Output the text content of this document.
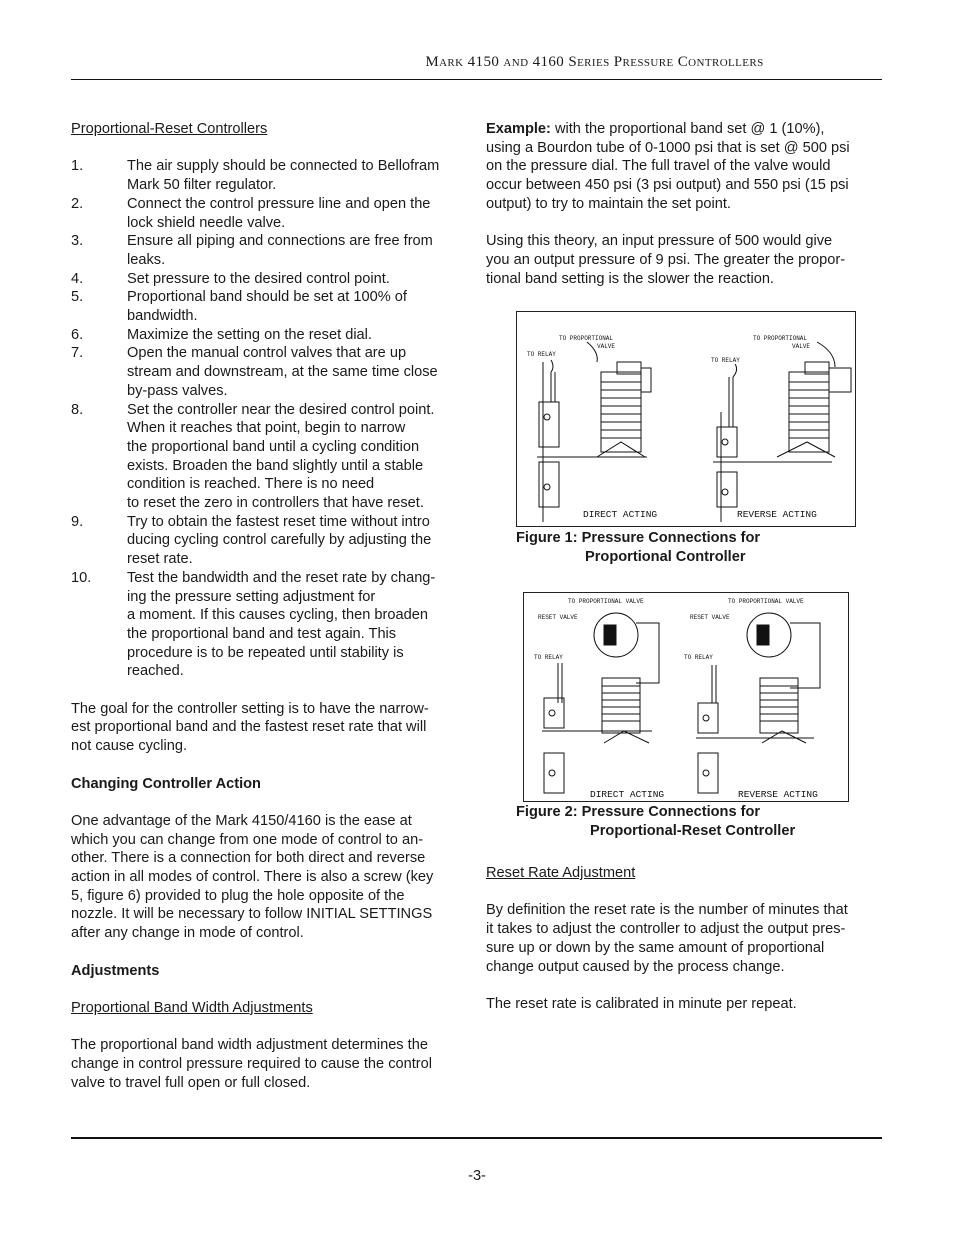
Mark 4150 and 4160 Series Pressure Controllers

Proportional-Reset Controllers

1.	The air supply should be connected to Bellofram
Mark 50 filter regulator.
2.	Connect the control pressure line and open the
lock shield needle valve.
3.	Ensure all piping and connections are free from
leaks.
4.	Set pressure to the desired control point.
5.	Proportional band should be set at 100% of
bandwidth.
6.	Maximize the setting on the reset dial.
7.	Open the manual control valves that are up
stream and downstream, at the same time close
by-pass valves.
8.	Set the controller near the desired control point.
When it reaches that point, begin to narrow
the proportional band until a cycling condition
exists. Broaden the band slightly until a stable
condition is reached. There is no need
to reset the zero in controllers that have reset.
9.	Try to obtain the fastest reset time without intro
ducing cycling control carefully by adjusting the
reset rate.
10.	Test the bandwidth and the reset rate by chang-
ing the pressure setting adjustment for
a moment. If this causes cycling, then broaden
the proportional band and test again. This
procedure is to be repeated until stability is
reached.

The goal for the controller setting is to have the narrow-

est proportional band and the fastest reset rate that will

not cause cycling.

Changing Controller Action

One advantage of the Mark 4150/4160 is the ease at

which you can change from one mode of control to an-

other. There is a connection for both direct and reverse

action in all modes of control. There is also a screw (key

5, figure 6) provided to plug the hole opposite of the

nozzle. It will be necessary to follow INITIAL SETTINGS

after any change in mode of control.

Adjustments

Proportional Band Width Adjustments

The proportional band width adjustment determines the

change in control pressure required to cause the control

valve to travel full open or full closed.

Example: with the proportional band set @ 1 (10%),

using a Bourdon tube of 0-1000 psi that is set @ 500 psi

on the pressure dial. The full travel of the valve would

occur between 450 psi (3 psi output) and 550 psi (15 psi

output) to try to maintain the set point.

Using this theory, an input pressure of 500 would give

you an output pressure of 9 psi. The greater the propor-

tional band setting is the slower the reaction.

TO PROPORTIONAL
VALVE
TO RELAY
TO PROPORTIONAL
VALVE
TO RELAY
DIRECT ACTING	REVERSE ACTING
Figure 1: Pressure Connections for
Proportional Controller
TO PROPORTIONAL VALVE
RESET VALVE
TO RELAY
TO PROPORTIONAL VALVE
RESET VALVE
TO RELAY
DIRECT ACTING	REVERSE ACTING
Figure 2: Pressure Connections for
Proportional-Reset Controller

Reset Rate Adjustment

By definition the reset rate is the number of minutes that

it takes to adjust the controller to adjust the output pres-

sure up or down by the same amount of proportional

change output caused by the process change.

The reset rate is calibrated in minute per repeat.

-3-
